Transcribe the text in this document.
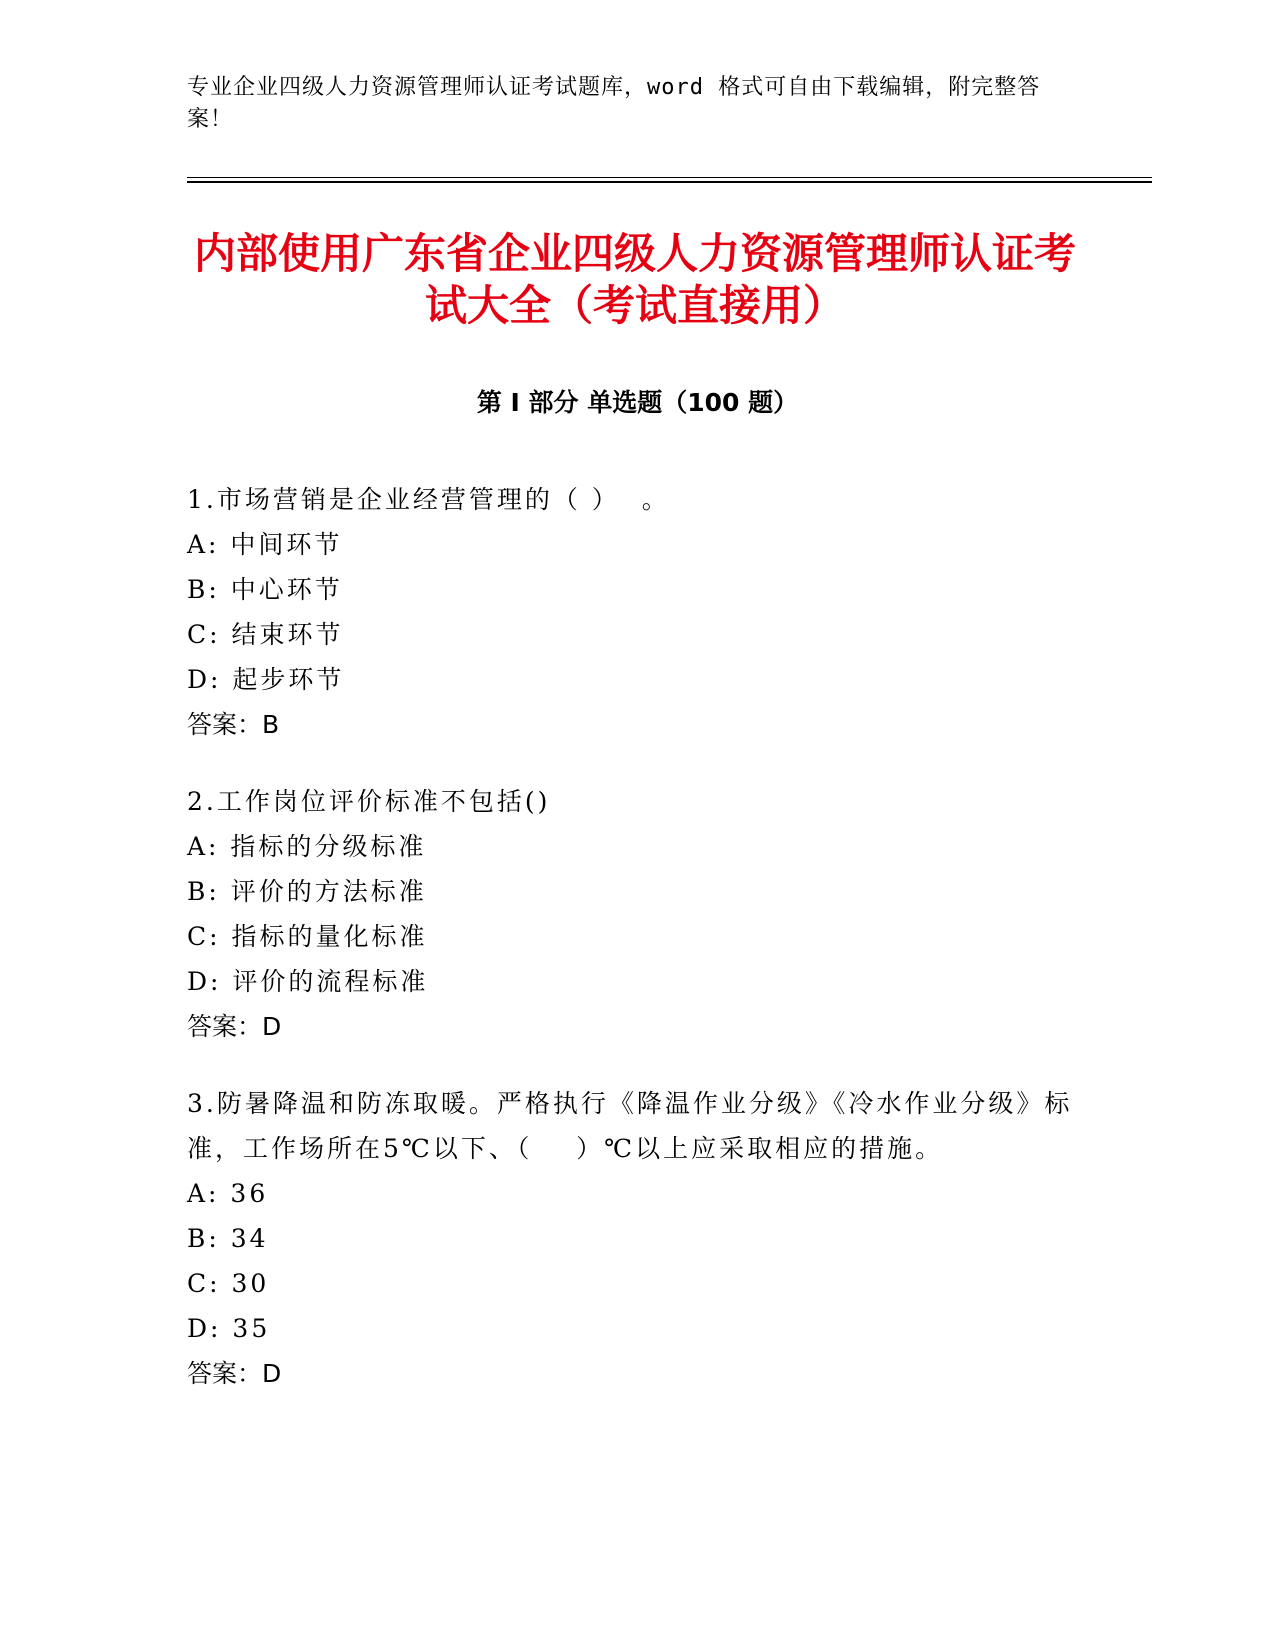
专业企业四级人力资源管理师认证考试题库，word 格式可自由下载编辑，附完整答案！

内部使用广东省企业四级人力资源管理师认证考试大全（考试直接用）
第 I 部分 单选题（100 题）

1.市场营销是企业经营管理的（ ）  。

A: 中间环节

B: 中心环节

C: 结束环节

D: 起步环节

答案：B

2.工作岗位评价标准不包括()

A: 指标的分级标准

B: 评价的方法标准

C: 指标的量化标准

D: 评价的流程标准

答案：D

3.防暑降温和防冻取暖。严格执行《降温作业分级》《冷水作业分级》标准，工作场所在5℃以下、（    ）℃以上应采取相应的措施。

A: 36

B: 34

C: 30

D: 35

答案：D
